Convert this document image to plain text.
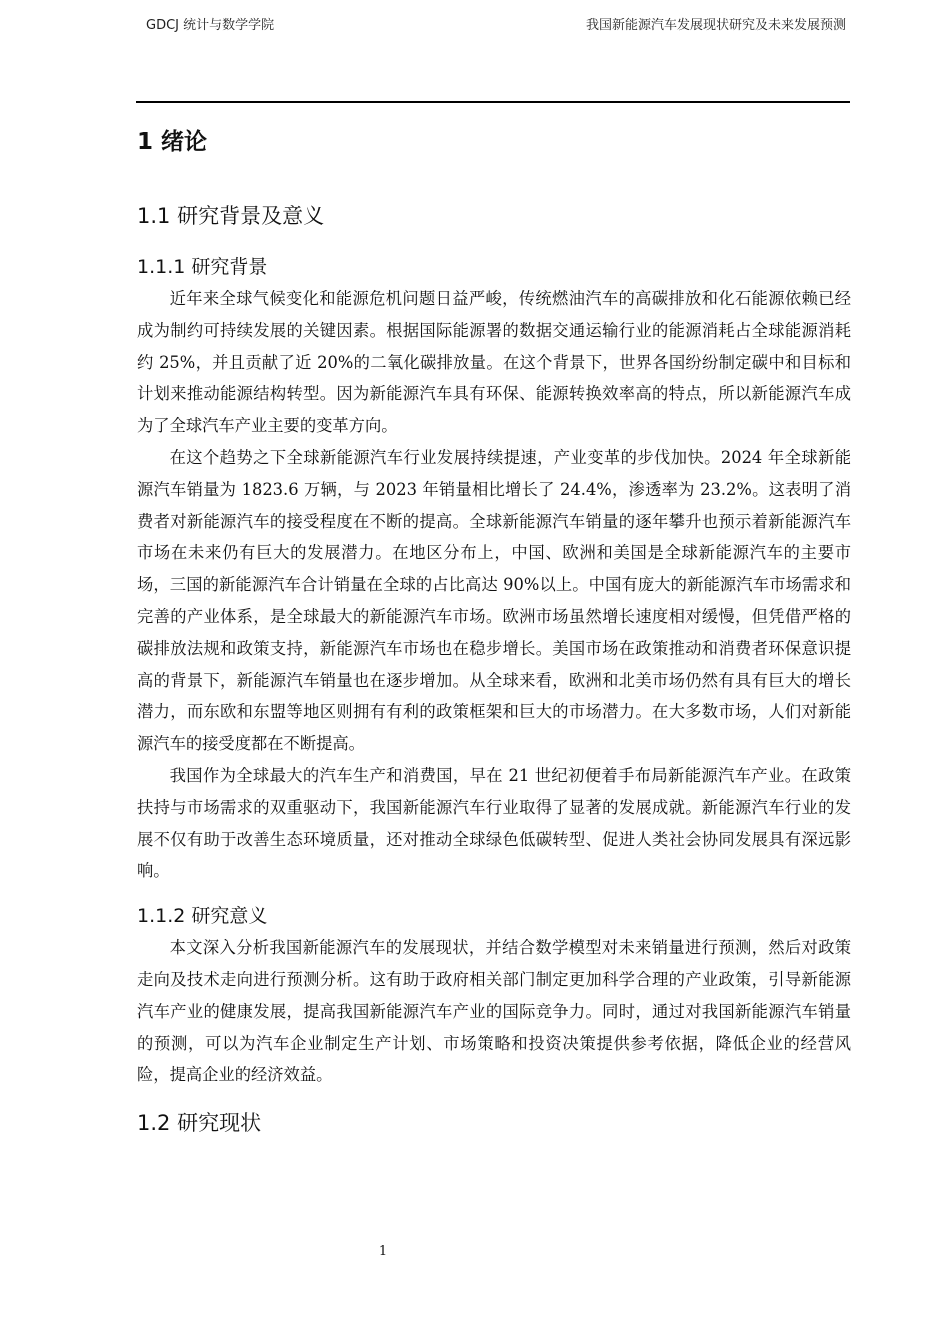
GDCJ 统计与数学学院	我国新能源汽车发展现状研究及未来发展预测
1 绪论
1.1 研究背景及意义
1.1.1 研究背景

近年来全球气候变化和能源危机问题日益严峻，传统燃油汽车的高碳排放和化石能源依赖已经成为制约可持续发展的关键因素。根据国际能源署的数据交通运输行业的能源消耗占全球能源消耗约 25%，并且贡献了近 20%的二氧化碳排放量。在这个背景下，世界各国纷纷制定碳中和目标和计划来推动能源结构转型。因为新能源汽车具有环保、能源转换效率高的特点，所以新能源汽车成为了全球汽车产业主要的变革方向。

在这个趋势之下全球新能源汽车行业发展持续提速，产业变革的步伐加快。2024 年全球新能源汽车销量为 1823.6 万辆，与 2023 年销量相比增长了 24.4%，渗透率为 23.2%。这表明了消费者对新能源汽车的接受程度在不断的提高。全球新能源汽车销量的逐年攀升也预示着新能源汽车市场在未来仍有巨大的发展潜力。在地区分布上，中国、欧洲和美国是全球新能源汽车的主要市场，三国的新能源汽车合计销量在全球的占比高达 90%以上。中国有庞大的新能源汽车市场需求和完善的产业体系，是全球最大的新能源汽车市场。欧洲市场虽然增长速度相对缓慢，但凭借严格的碳排放法规和政策支持，新能源汽车市场也在稳步增长。美国市场在政策推动和消费者环保意识提高的背景下，新能源汽车销量也在逐步增加。从全球来看，欧洲和北美市场仍然有具有巨大的增长潜力，而东欧和东盟等地区则拥有有利的政策框架和巨大的市场潜力。在大多数市场，人们对新能源汽车的接受度都在不断提高。

我国作为全球最大的汽车生产和消费国，早在 21 世纪初便着手布局新能源汽车产业。在政策扶持与市场需求的双重驱动下，我国新能源汽车行业取得了显著的发展成就。新能源汽车行业的发展不仅有助于改善生态环境质量，还对推动全球绿色低碳转型、促进人类社会协同发展具有深远影响。

1.1.2 研究意义

本文深入分析我国新能源汽车的发展现状，并结合数学模型对未来销量进行预测，然后对政策走向及技术走向进行预测分析。这有助于政府相关部门制定更加科学合理的产业政策，引导新能源汽车产业的健康发展，提高我国新能源汽车产业的国际竞争力。同时，通过对我国新能源汽车销量的预测，可以为汽车企业制定生产计划、市场策略和投资决策提供参考依据，降低企业的经营风险，提高企业的经济效益。

1.2 研究现状
1
